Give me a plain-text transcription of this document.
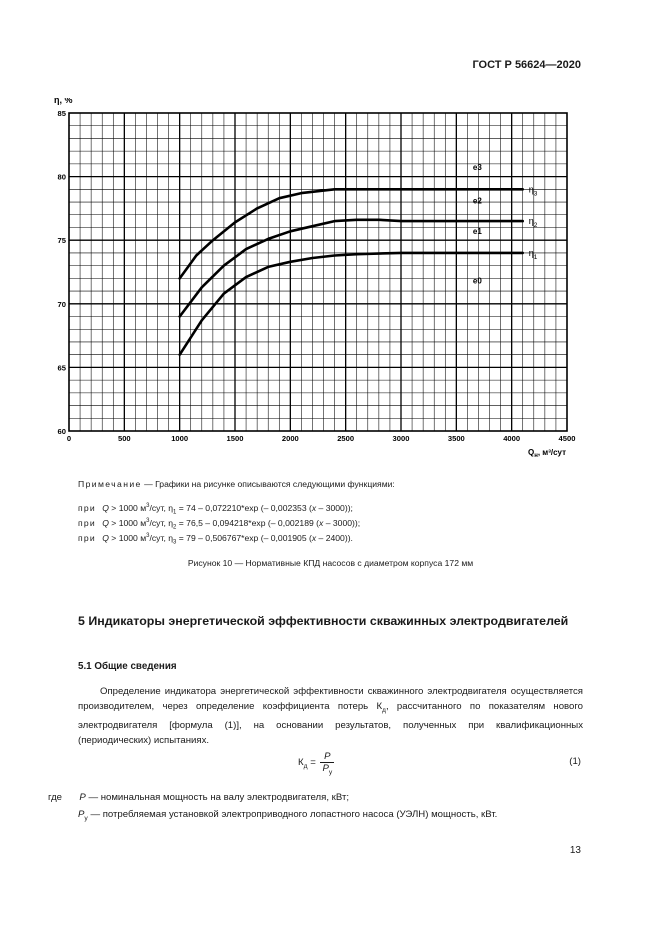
ГОСТ Р 56624—2020
0	500	1000	1500	2000	2500	3000	3500	4000	4500
60
65
70
75
80
85
$\eta_3$
$\eta_2$
$\eta_1$
e3
e2
e1
e0
η, %
$Q_н$, м³/сут
Примечание — Графики на рисунке описываются следующими функциями:
при Q > 1000 $м^3$/сут, $\eta_1 = 74 - 0,072210*\exp$ (– 0,002353 (x – 3000));
при Q > 1000 $м^3$/сут, $\eta_2 = 76,5 - 0,094218*\exp$ (– 0,002189 (x – 3000));
при Q > 1000 $м^3$/сут, $\eta_3 = 79 - 0,506767*\exp$ (– 0,001905 (x – 2400)).
Рисунок 10 — Нормативные КПД насосов с диаметром корпуса 172 мм
5 Индикаторы энергетической эффективности скважинных электродвигателей
5.1 Общие сведения
Определение индикатора энергетической эффективности скважинного электродвигателя осуществляется производителем, через определение коэффициента потерь $К_д$, рассчитанного по показателям нового электродвигателя [формула (1)], на основании результатов, полученных при квалификационных (периодических) испытаниях.
$К_д$ =
P
$P_у$
(1)
где P — номинальная мощность на валу электродвигателя, кВт;
$P_у$ — потребляемая установкой электроприводного лопастного насоса (УЭЛН) мощность, кВт.
13
